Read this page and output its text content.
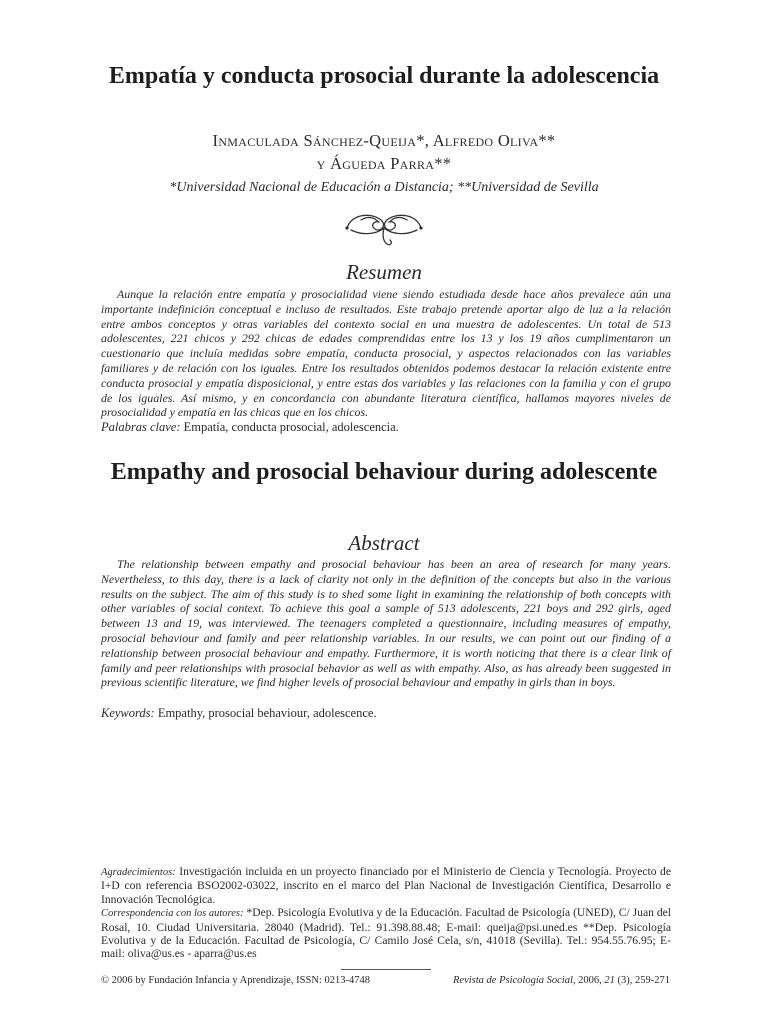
Empatía y conducta prosocial durante la adolescencia
Inmaculada Sánchez-Queija*, Alfredo Oliva**
y Águeda Parra**
*Universidad Nacional de Educación a Distancia; **Universidad de Sevilla
Resumen

Aunque la relación entre empatía y prosocialidad viene siendo estudiada desde hace años prevalece aún una importante indefinición conceptual e incluso de resultados. Este trabajo pretende aportar algo de luz a la relación entre ambos conceptos y otras variables del contexto social en una muestra de adolescentes. Un total de 513 adolescentes, 221 chicos y 292 chicas de edades comprendidas entre los 13 y los 19 años cumplimentaron un cuestionario que incluía medidas sobre empatía, conducta prosocial, y aspectos relacionados con las variables familiares y de relación con los iguales. Entre los resultados obtenidos podemos destacar la relación existente entre conducta prosocial y empatía disposicional, y entre estas dos variables y las relaciones con la familia y con el grupo de los iguales. Así mismo, y en concordancia con abundante literatura científica, hallamos mayores niveles de prosocialidad y empatía en las chicas que en los chicos.

Palabras clave: Empatía, conducta prosocial, adolescencia.

Empathy and prosocial behaviour during adolescente
Abstract

The relationship between empathy and prosocial behaviour has been an area of research for many years. Nevertheless, to this day, there is a lack of clarity not only in the definition of the concepts but also in the various results on the subject. The aim of this study is to shed some light in examining the relationship of both concepts with other variables of social context. To achieve this goal a sample of 513 adolescents, 221 boys and 292 girls, aged between 13 and 19, was interviewed. The teenagers completed a questionnaire, including measures of empathy, prosocial behaviour and family and peer relationship variables. In our results, we can point out our finding of a relationship between prosocial behaviour and empathy. Furthermore, it is worth noticing that there is a clear link of family and peer relationships with prosocial behavior as well as with empathy. Also, as has already been suggested in previous scientific literature, we find higher levels of prosocial behaviour and empathy in girls than in boys.

Keywords: Empathy, prosocial behaviour, adolescence.

Agradecimientos: Investigación incluida en un proyecto financiado por el Ministerio de Ciencia y Tecnología. Proyecto de I+D con referencia BSO2002-03022, inscrito en el marco del Plan Nacional de Investigación Científica, Desarrollo e Innovación Tecnológica.

Correspondencia con los autores: *Dep. Psicología Evolutiva y de la Educación. Facultad de Psicología (UNED), C/ Juan del Rosal, 10. Ciudad Universitaria. 28040 (Madrid). Tel.: 91.398.88.48; E-mail: queija@psi.uned.es **Dep. Psicología Evolutiva y de la Educación. Facultad de Psicología, C/ Camilo José Cela, s/n, 41018 (Sevilla). Tel.: 954.55.76.95; E-mail: oliva@us.es - aparra@us.es

© 2006 by Fundación Infancia y Aprendizaje, ISSN: 0213-4748	Revista de Psicología Social, 2006, 21 (3), 259-271
